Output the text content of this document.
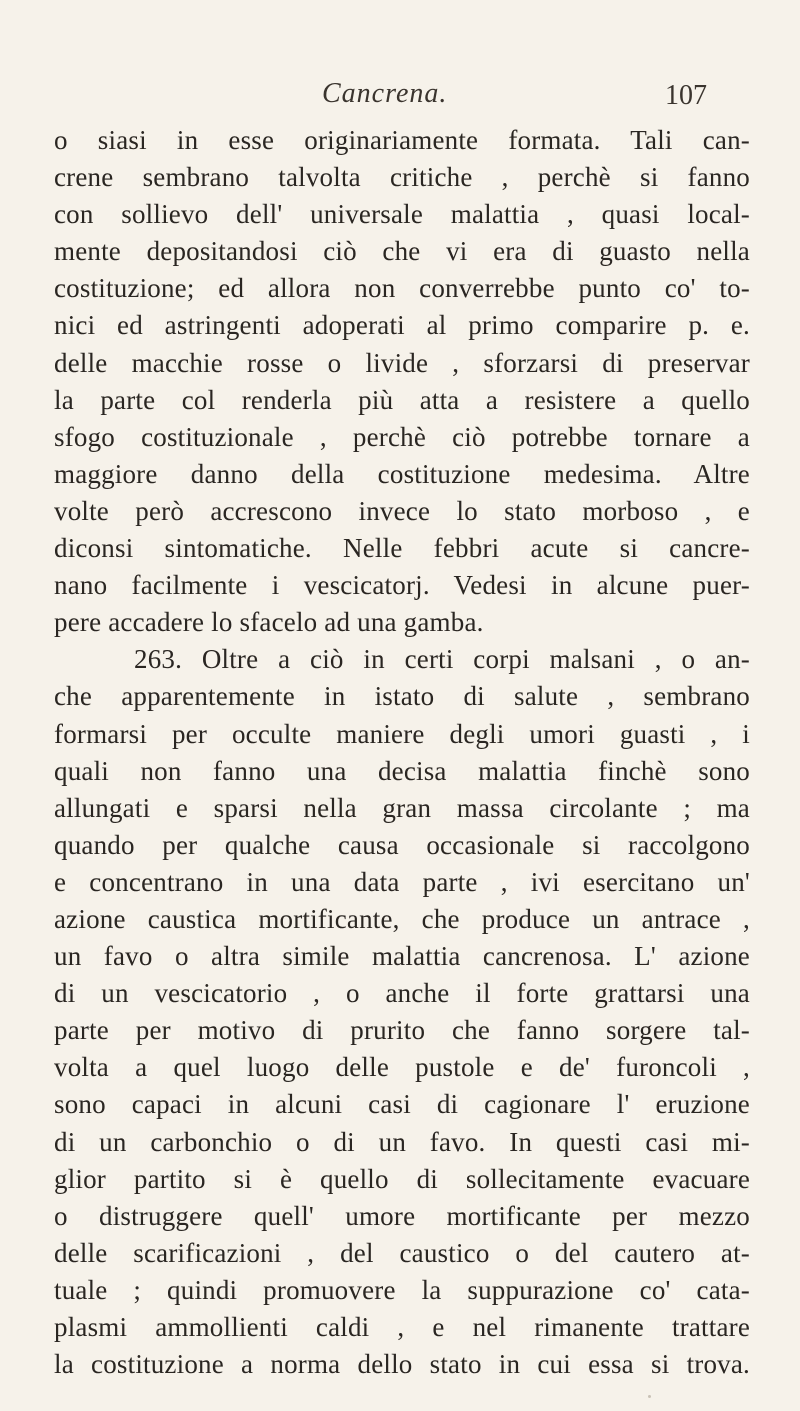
Cancrena.	107
o siasi in esse originariamente formata. Tali can-
crene sembrano talvolta critiche , perchè si fanno
con sollievo dell' universale malattia , quasi local-
mente depositandosi ciò che vi era di guasto nella
costituzione; ed allora non converrebbe punto co' to-
nici ed astringenti adoperati al primo comparire p. e.
delle macchie rosse o livide , sforzarsi di preservar
la parte col renderla più atta a resistere a quello
sfogo costituzionale , perchè ciò potrebbe tornare a
maggiore danno della costituzione medesima. Altre
volte però accrescono invece lo stato morboso , e
diconsi sintomatiche. Nelle febbri acute si cancre-
nano facilmente i vescicatorj. Vedesi in alcune puer-
pere accadere lo sfacelo ad una gamba.
263. Oltre a ciò in certi corpi malsani , o an-
che apparentemente in istato di salute , sembrano
formarsi per occulte maniere degli umori guasti , i
quali non fanno una decisa malattia finchè sono
allungati e sparsi nella gran massa circolante ; ma
quando per qualche causa occasionale si raccolgono
e concentrano in una data parte , ivi esercitano un'
azione caustica mortificante, che produce un antrace ,
un favo o altra simile malattia cancrenosa. L' azione
di un vescicatorio , o anche il forte grattarsi una
parte per motivo di prurito che fanno sorgere tal-
volta a quel luogo delle pustole e de' furoncoli ,
sono capaci in alcuni casi di cagionare l' eruzione
di un carbonchio o di un favo. In questi casi mi-
glior partito si è quello di sollecitamente evacuare
o distruggere quell' umore mortificante per mezzo
delle scarificazioni , del caustico o del cautero at-
tuale ; quindi promuovere la suppurazione co' cata-
plasmi ammollienti caldi , e nel rimanente trattare
la costituzione a norma dello stato in cui essa si trova.
